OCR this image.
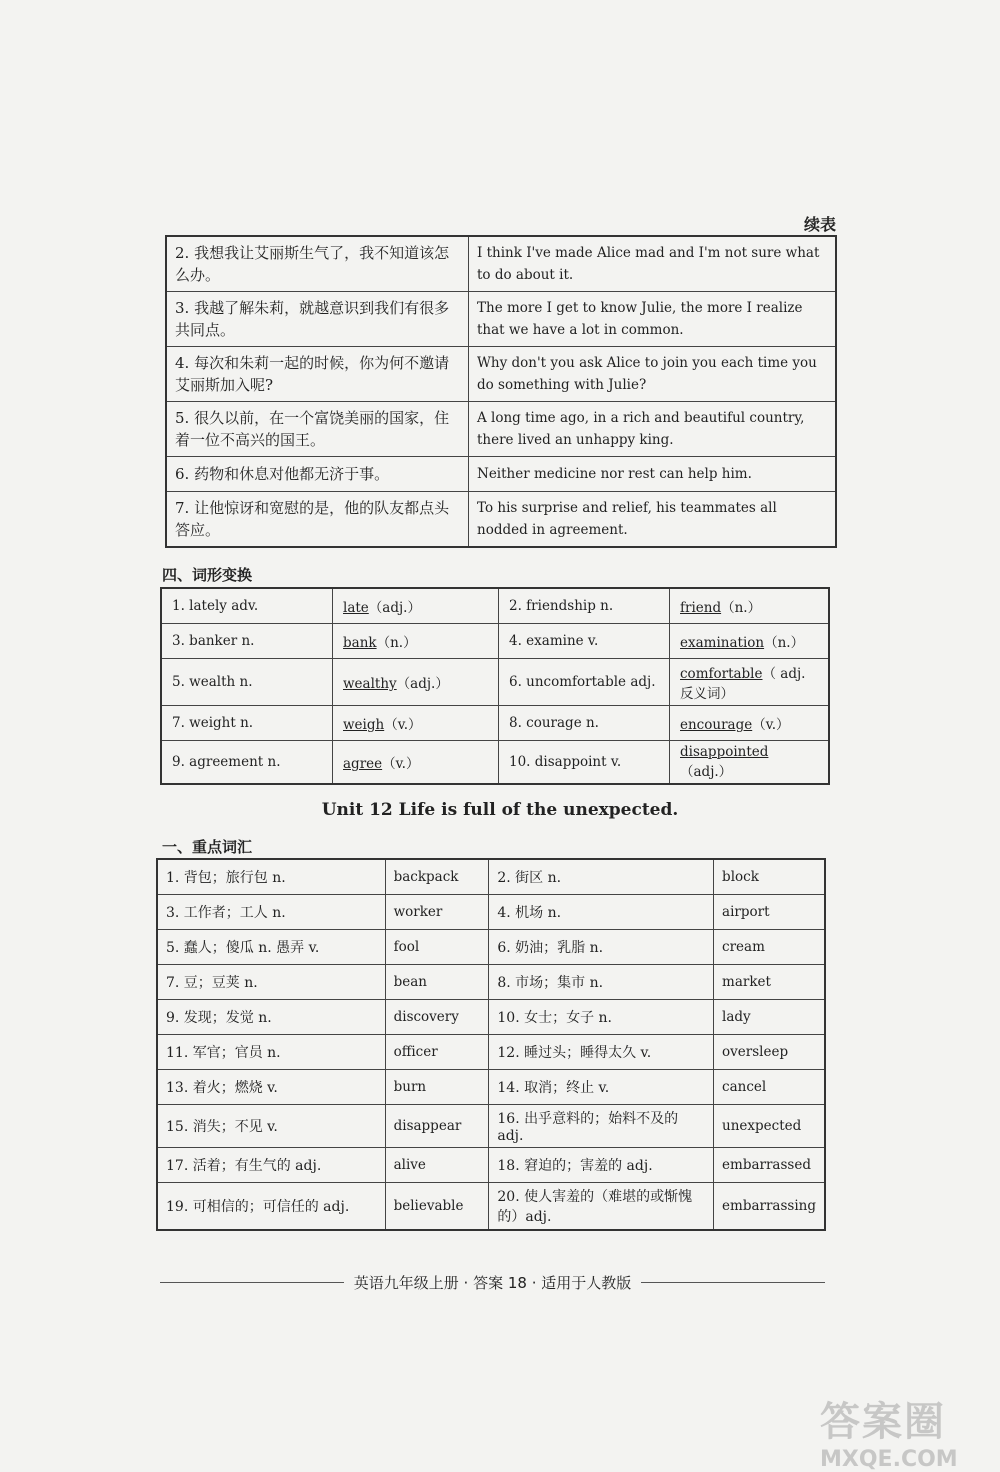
续表
2. 我想我让艾丽斯生气了，我不知道该怎么办。	I think I've made Alice mad and I'm not sure what to do about it.
3. 我越了解朱莉，就越意识到我们有很多共同点。	The more I get to know Julie, the more I realize that we have a lot in common.
4. 每次和朱莉一起的时候，你为何不邀请艾丽斯加入呢?	Why don't you ask Alice to join you each time you do something with Julie?
5. 很久以前，在一个富饶美丽的国家，住着一位不高兴的国王。	A long time ago, in a rich and beautiful country, there lived an unhappy king.
6. 药物和休息对他都无济于事。	Neither medicine nor rest can help him.
7. 让他惊讶和宽慰的是，他的队友都点头答应。	To his surprise and relief, his teammates all nodded in agreement.
四、词形变换
1. lately adv.	late（adj.）	2. friendship n.	friend（n.）
3. banker n.	bank（n.）	4. examine v.	examination（n.）
5. wealth n.	wealthy（adj.）	6. uncomfortable adj.	comfortable（ adj. 反义词）
7. weight n.	weigh（v.）	8. courage n.	encourage（v.）
9. agreement n.	agree（v.）	10. disappoint v.	disappointed（adj.）
Unit 12 Life is full of the unexpected.
一、重点词汇
1. 背包；旅行包 n.	backpack	2. 街区 n.	block
3. 工作者；工人 n.	worker	4. 机场 n.	airport
5. 蠢人；傻瓜 n. 愚弄 v.	fool	6. 奶油；乳脂 n.	cream
7. 豆；豆荚 n.	bean	8. 市场；集市 n.	market
9. 发现；发觉 n.	discovery	10. 女士；女子 n.	lady
11. 军官；官员 n.	officer	12. 睡过头；睡得太久 v.	oversleep
13. 着火；燃烧 v.	burn	14. 取消；终止 v.	cancel
15. 消失；不见 v.	disappear	16. 出乎意料的；始料不及的 adj.	unexpected
17. 活着；有生气的 adj.	alive	18. 窘迫的；害羞的 adj.	embarrassed
19. 可相信的；可信任的 adj.	believable	20. 使人害羞的（难堪的或惭愧的）adj.	embarrassing
英语九年级上册 · 答案 18 · 适用于人教版
答案圈
MXQE.COM
